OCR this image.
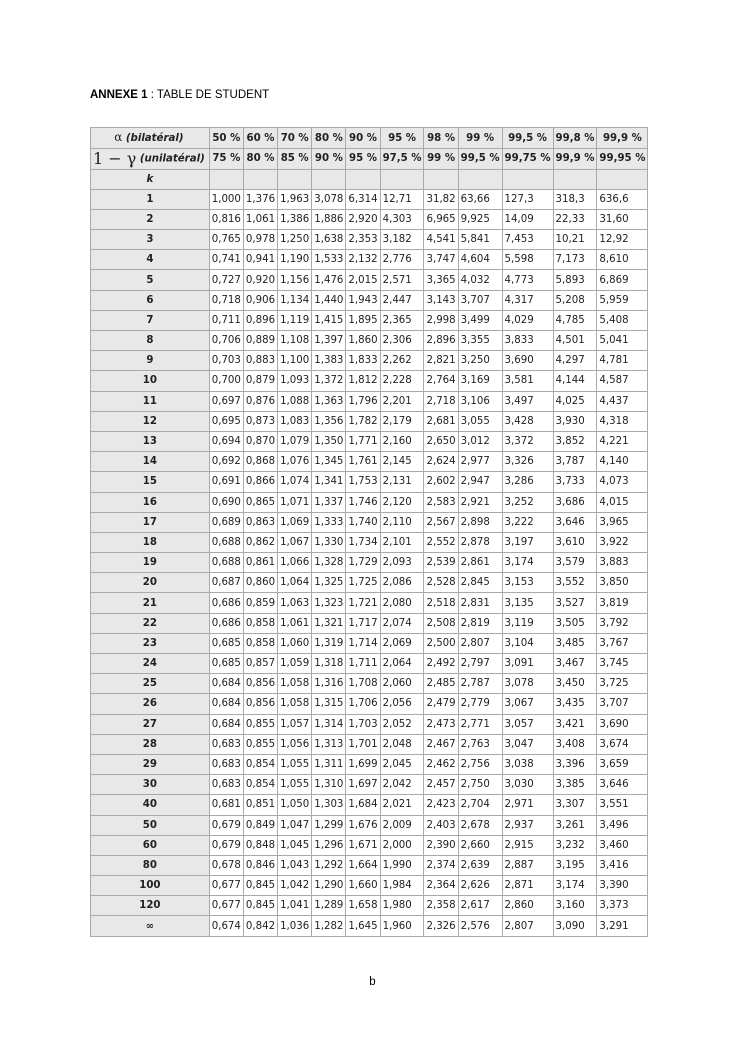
ANNEXE 1 : TABLE DE STUDENT
α (bilatéral)	50 %	60 %	70 %	80 %	90 %	95 %	98 %	99 %	99,5 %	99,8 %	99,9 %
1 − γ (unilatéral)	75 %	80 %	85 %	90 %	95 %	97,5 %	99 %	99,5 %	99,75 %	99,9 %	99,95 %
k											
1	1,000	1,376	1,963	3,078	6,314	12,71	31,82	63,66	127,3	318,3	636,6
2	0,816	1,061	1,386	1,886	2,920	4,303	6,965	9,925	14,09	22,33	31,60
3	0,765	0,978	1,250	1,638	2,353	3,182	4,541	5,841	7,453	10,21	12,92
4	0,741	0,941	1,190	1,533	2,132	2,776	3,747	4,604	5,598	7,173	8,610
5	0,727	0,920	1,156	1,476	2,015	2,571	3,365	4,032	4,773	5,893	6,869
6	0,718	0,906	1,134	1,440	1,943	2,447	3,143	3,707	4,317	5,208	5,959
7	0,711	0,896	1,119	1,415	1,895	2,365	2,998	3,499	4,029	4,785	5,408
8	0,706	0,889	1,108	1,397	1,860	2,306	2,896	3,355	3,833	4,501	5,041
9	0,703	0,883	1,100	1,383	1,833	2,262	2,821	3,250	3,690	4,297	4,781
10	0,700	0,879	1,093	1,372	1,812	2,228	2,764	3,169	3,581	4,144	4,587
11	0,697	0,876	1,088	1,363	1,796	2,201	2,718	3,106	3,497	4,025	4,437
12	0,695	0,873	1,083	1,356	1,782	2,179	2,681	3,055	3,428	3,930	4,318
13	0,694	0,870	1,079	1,350	1,771	2,160	2,650	3,012	3,372	3,852	4,221
14	0,692	0,868	1,076	1,345	1,761	2,145	2,624	2,977	3,326	3,787	4,140
15	0,691	0,866	1,074	1,341	1,753	2,131	2,602	2,947	3,286	3,733	4,073
16	0,690	0,865	1,071	1,337	1,746	2,120	2,583	2,921	3,252	3,686	4,015
17	0,689	0,863	1,069	1,333	1,740	2,110	2,567	2,898	3,222	3,646	3,965
18	0,688	0,862	1,067	1,330	1,734	2,101	2,552	2,878	3,197	3,610	3,922
19	0,688	0,861	1,066	1,328	1,729	2,093	2,539	2,861	3,174	3,579	3,883
20	0,687	0,860	1,064	1,325	1,725	2,086	2,528	2,845	3,153	3,552	3,850
21	0,686	0,859	1,063	1,323	1,721	2,080	2,518	2,831	3,135	3,527	3,819
22	0,686	0,858	1,061	1,321	1,717	2,074	2,508	2,819	3,119	3,505	3,792
23	0,685	0,858	1,060	1,319	1,714	2,069	2,500	2,807	3,104	3,485	3,767
24	0,685	0,857	1,059	1,318	1,711	2,064	2,492	2,797	3,091	3,467	3,745
25	0,684	0,856	1,058	1,316	1,708	2,060	2,485	2,787	3,078	3,450	3,725
26	0,684	0,856	1,058	1,315	1,706	2,056	2,479	2,779	3,067	3,435	3,707
27	0,684	0,855	1,057	1,314	1,703	2,052	2,473	2,771	3,057	3,421	3,690
28	0,683	0,855	1,056	1,313	1,701	2,048	2,467	2,763	3,047	3,408	3,674
29	0,683	0,854	1,055	1,311	1,699	2,045	2,462	2,756	3,038	3,396	3,659
30	0,683	0,854	1,055	1,310	1,697	2,042	2,457	2,750	3,030	3,385	3,646
40	0,681	0,851	1,050	1,303	1,684	2,021	2,423	2,704	2,971	3,307	3,551
50	0,679	0,849	1,047	1,299	1,676	2,009	2,403	2,678	2,937	3,261	3,496
60	0,679	0,848	1,045	1,296	1,671	2,000	2,390	2,660	2,915	3,232	3,460
80	0,678	0,846	1,043	1,292	1,664	1,990	2,374	2,639	2,887	3,195	3,416
100	0,677	0,845	1,042	1,290	1,660	1,984	2,364	2,626	2,871	3,174	3,390
120	0,677	0,845	1,041	1,289	1,658	1,980	2,358	2,617	2,860	3,160	3,373
∞	0,674	0,842	1,036	1,282	1,645	1,960	2,326	2,576	2,807	3,090	3,291
b
